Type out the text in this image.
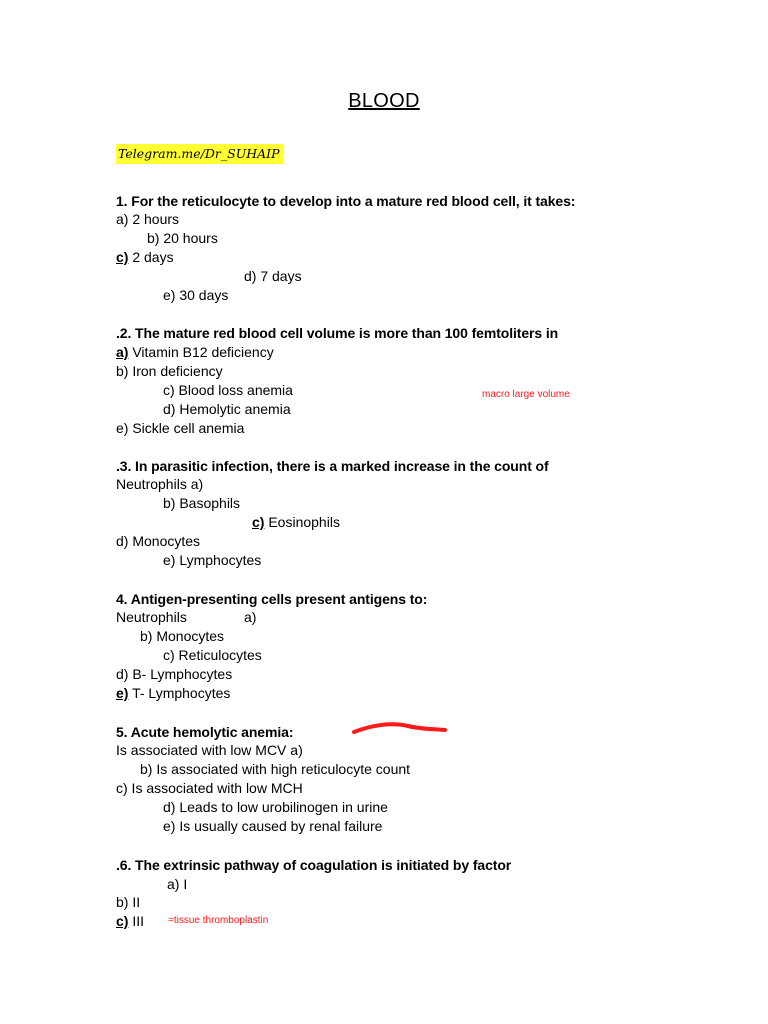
BLOOD
Telegram.me/Dr_SUHAIP
1. For the reticulocyte to develop into a mature red blood cell, it takes:
a) 2 hours
b) 20 hours
c) 2 days
d) 7 days
e) 30 days
.2. The mature red blood cell volume is more than 100 femtoliters in
a) Vitamin B12 deficiency
b) Iron deficiency
c) Blood loss anemia	macro large volume
d) Hemolytic anemia
e) Sickle cell anemia
.3. In parasitic infection, there is a marked increase in the count of
Neutrophils a)
b) Basophils
c) Eosinophils
d) Monocytes
e) Lymphocytes
4. Antigen-presenting cells present antigens to:
Neutrophils	a)
b) Monocytes
c) Reticulocytes
d) B- Lymphocytes
e) T- Lymphocytes
5. Acute hemolytic anemia:
Is associated with low MCV a)
b) Is associated with high reticulocyte count
c) Is associated with low MCH
d) Leads to low urobilinogen in urine
e) Is usually caused by renal failure
.6. The extrinsic pathway of coagulation is initiated by factor
a) I
b) II
c) III =tissue thromboplastin
